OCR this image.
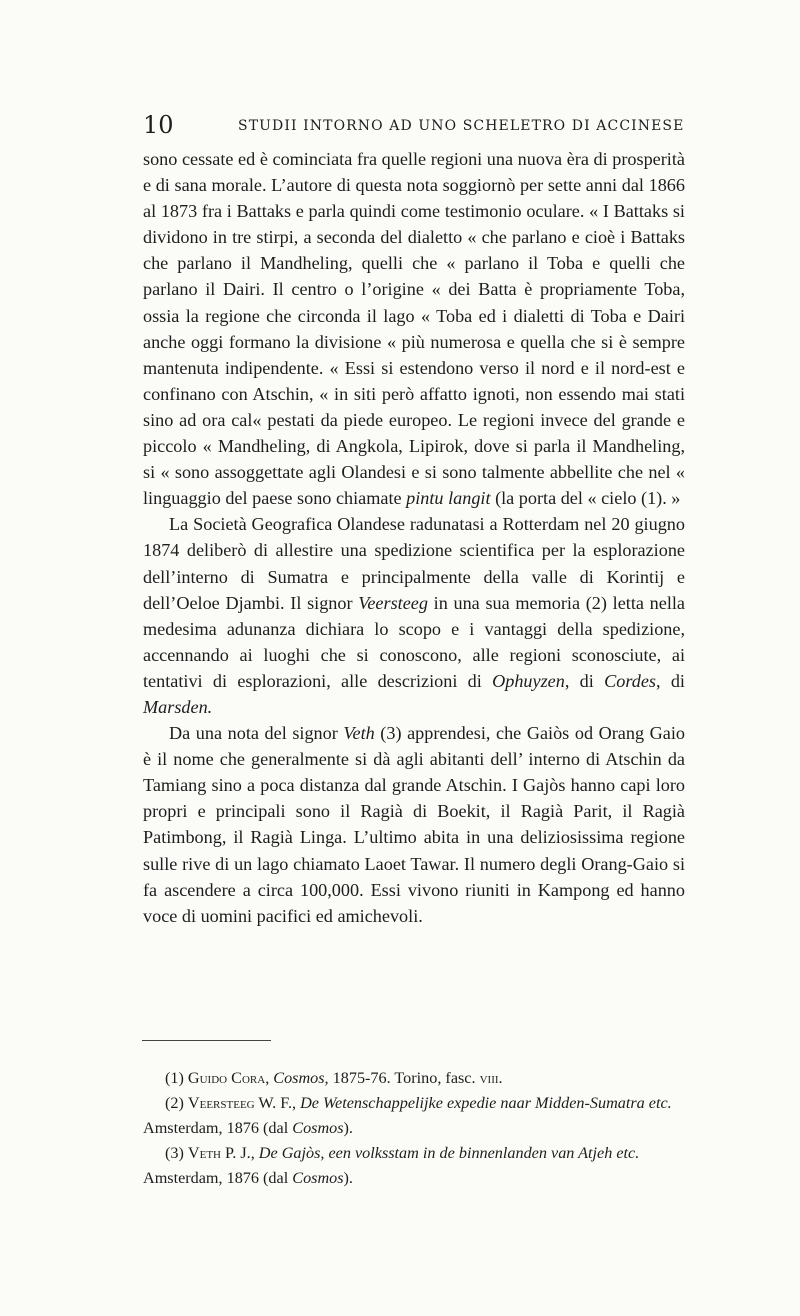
10	STUDII INTORNO AD UNO SCHELETRO DI ACCINESE

sono cessate ed è cominciata fra quelle regioni una nuova èra di prosperità e di sana morale. L’autore di questa nota soggiornò per sette anni dal 1866 al 1873 fra i Battaks e parla quindi come testimonio oculare. « I Battaks si dividono in tre stirpi, a seconda del dialetto « che parlano e cioè i Battaks che parlano il Mandheling, quelli che « parlano il Toba e quelli che parlano il Dairi. Il centro o l’origine « dei Batta è propriamente Toba, ossia la regione che circonda il lago « Toba ed i dialetti di Toba e Dairi anche oggi formano la divisione « più numerosa e quella che si è sempre mantenuta indipendente. « Essi si estendono verso il nord e il nord-est e confinano con Atschin, « in siti però affatto ignoti, non essendo mai stati sino ad ora cal« pestati da piede europeo. Le regioni invece del grande e piccolo « Mandheling, di Angkola, Lipirok, dove si parla il Mandheling, si « sono assoggettate agli Olandesi e si sono talmente abbellite che nel « linguaggio del paese sono chiamate pintu langit (la porta del « cielo (1). »

La Società Geografica Olandese radunatasi a Rotterdam nel 20 giugno 1874 deliberò di allestire una spedizione scientifica per la esplorazione dell’interno di Sumatra e principalmente della valle di Korintij e dell’Oeloe Djambi. Il signor Veersteeg in una sua memoria (2) letta nella medesima adunanza dichiara lo scopo e i vantaggi della spedizione, accennando ai luoghi che si conoscono, alle regioni sconosciute, ai tentativi di esplorazioni, alle descrizioni di Ophuyzen, di Cordes, di Marsden.

Da una nota del signor Veth (3) apprendesi, che Gaiòs od Orang Gaio è il nome che generalmente si dà agli abitanti dell’ interno di Atschin da Tamiang sino a poca distanza dal grande Atschin. I Gajòs hanno capi loro propri e principali sono il Ragià di Boekit, il Ragià Parit, il Ragià Patimbong, il Ragià Linga. L’ultimo abita in una deliziosissima regione sulle rive di un lago chiamato Laoet Tawar. Il numero degli Orang-Gaio si fa ascendere a circa 100,000. Essi vivono riuniti in Kampong ed hanno voce di uomini pacifici ed amichevoli.

(1) Guido Cora, Cosmos, 1875-76. Torino, fasc. viii.

(2) Veersteeg W. F., De Wetenschappelijke expedie naar Midden-Sumatra etc. Amsterdam, 1876 (dal Cosmos).

(3) Veth P. J., De Gajòs, een volksstam in de binnenlanden van Atjeh etc. Amsterdam, 1876 (dal Cosmos).
